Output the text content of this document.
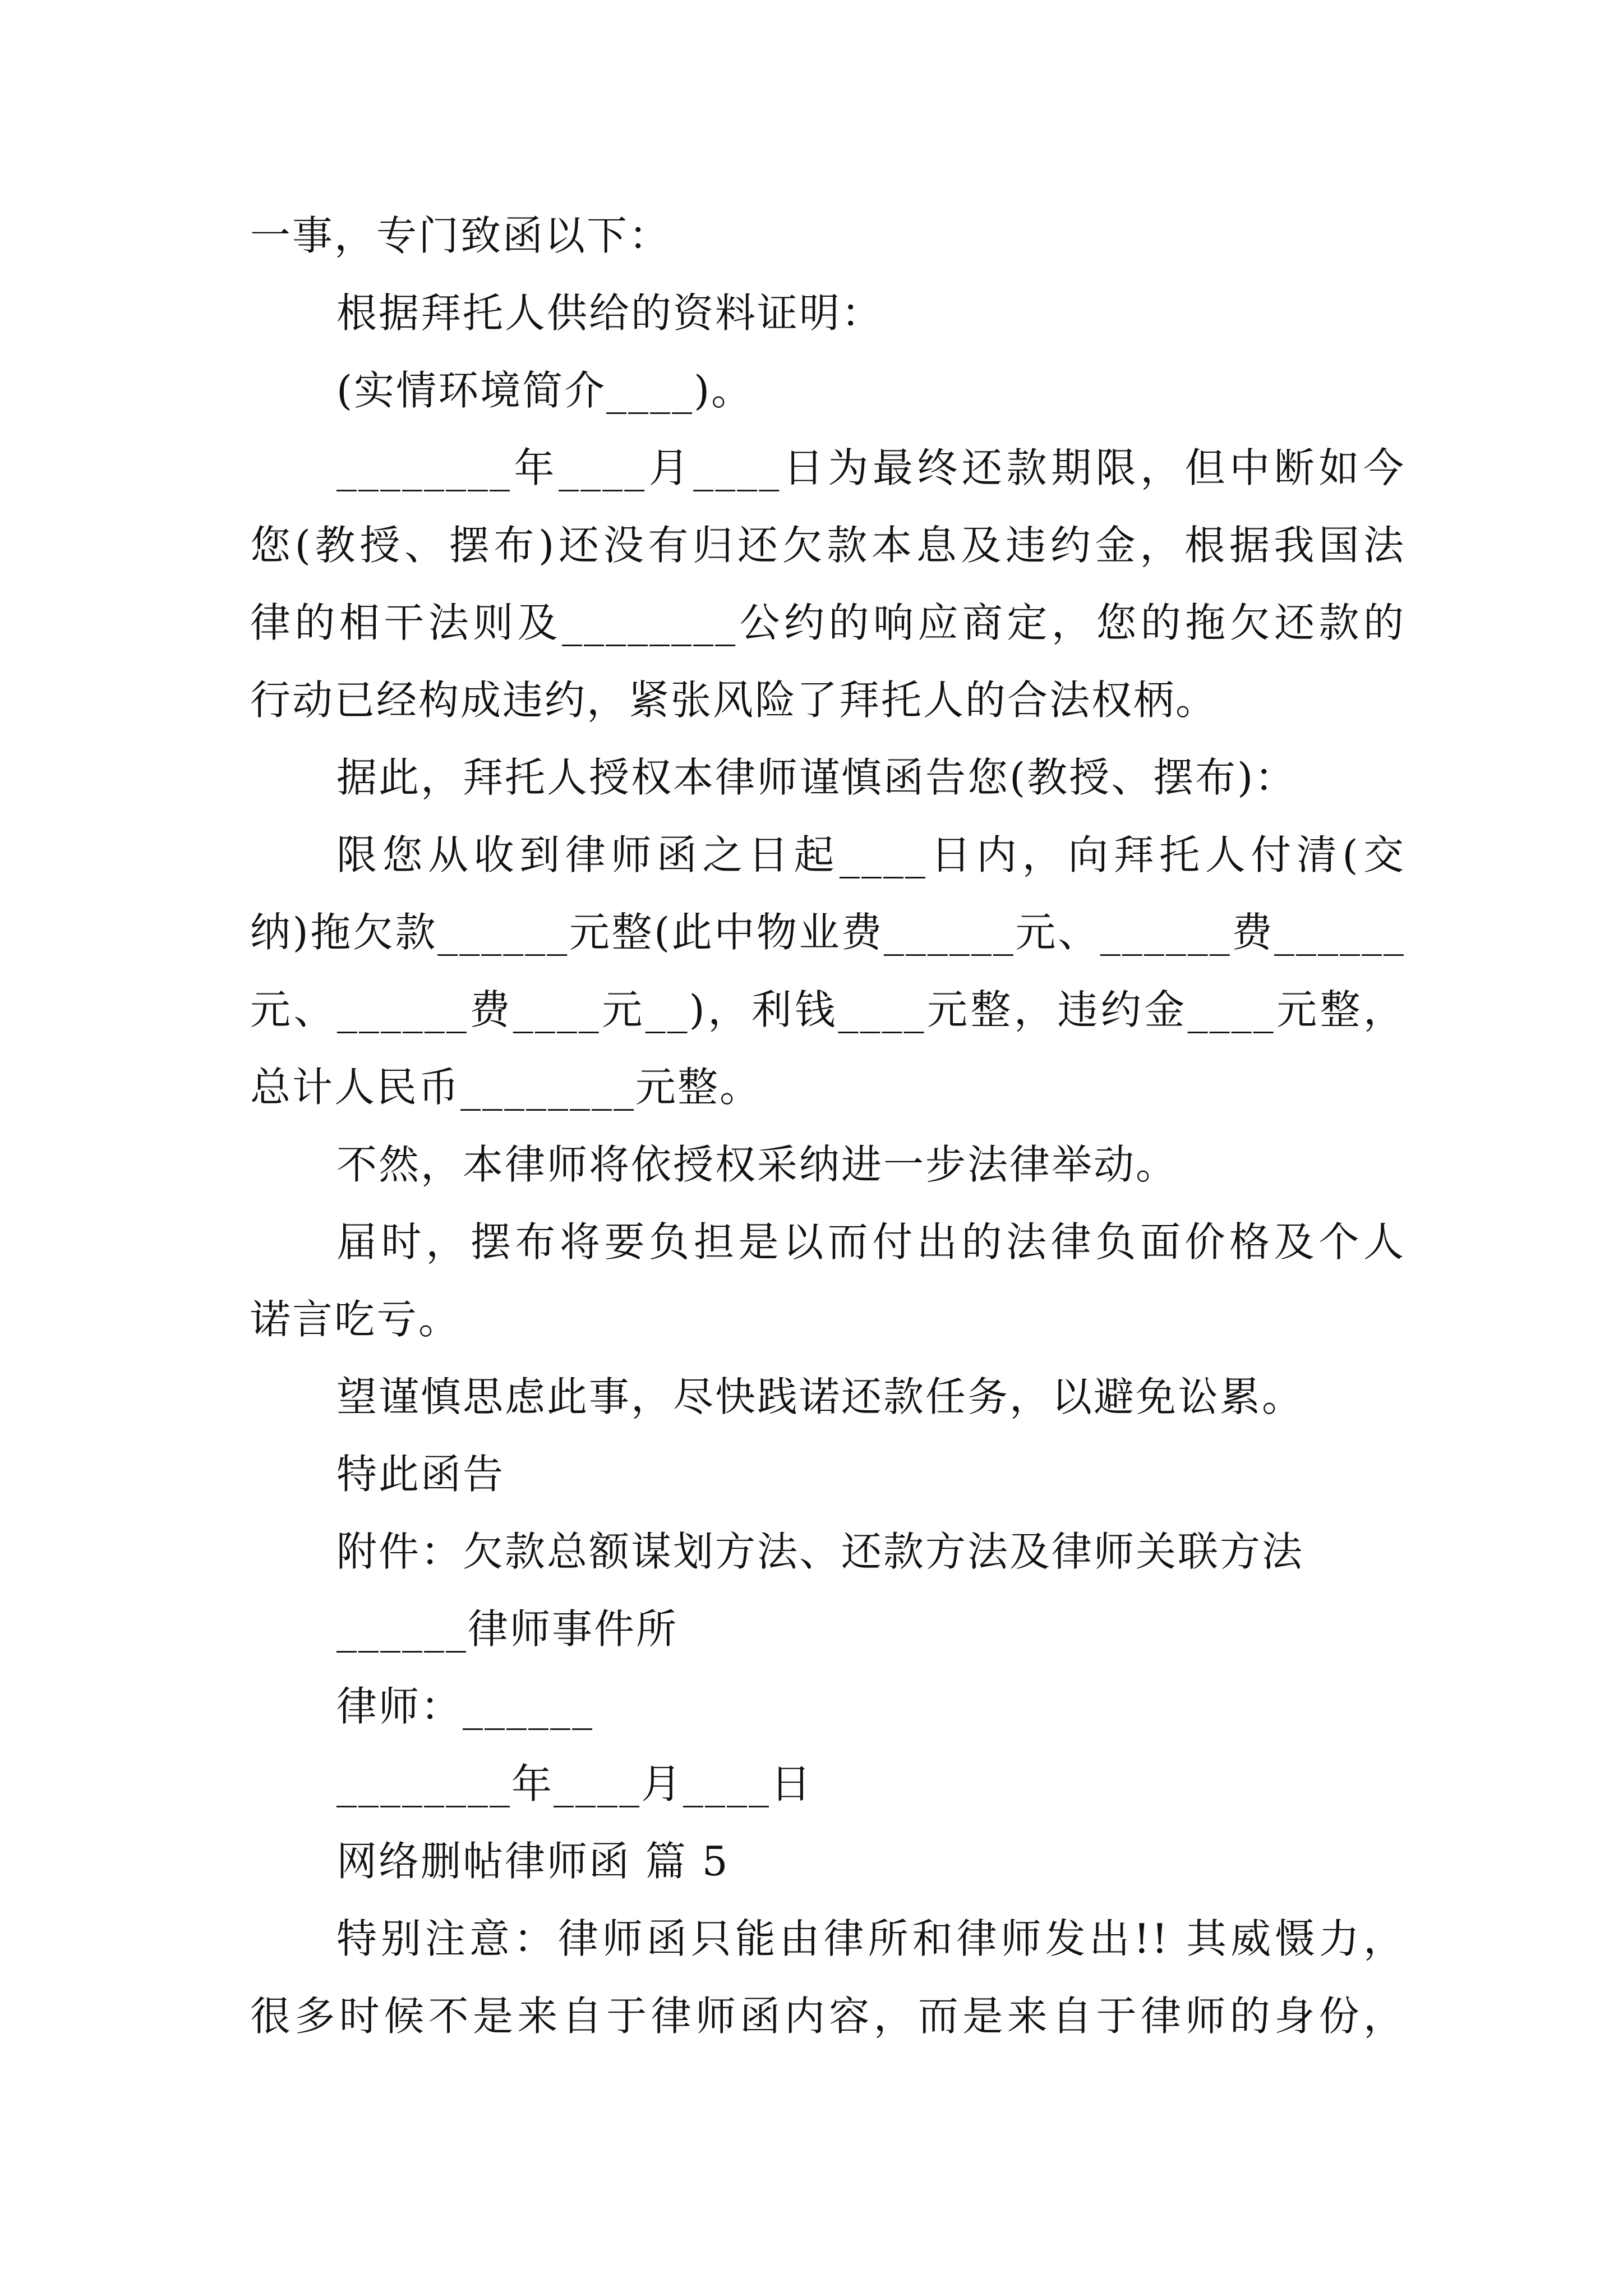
一事，专门致函以下：
根据拜托人供给的资料证明：
(实情环境简介____)。
________年____月____日为最终还款期限，但中断如今
您(教授、摆布)还没有归还欠款本息及违约金，根据我国法
律的相干法则及________公约的响应商定，您的拖欠还款的
行动已经构成违约，紧张风险了拜托人的合法权柄。
据此，拜托人授权本律师谨慎函告您(教授、摆布)：
限您从收到律师函之日起____日内，向拜托人付清(交
纳)拖欠款______元整(此中物业费______元、______费______
元、______费____元__)，利钱____元整，违约金____元整，
总计人民币________元整。
不然，本律师将依授权采纳进一步法律举动。
届时，摆布将要负担是以而付出的法律负面价格及个人
诺言吃亏。
望谨慎思虑此事，尽快践诺还款任务，以避免讼累。
特此函告
附件：欠款总额谋划方法、还款方法及律师关联方法
______律师事件所
律师：______
________年____月____日
网络删帖律师函 篇 5
特别注意：律师函只能由律所和律师发出!! 其威慑力，
很多时候不是来自于律师函内容，而是来自于律师的身份，
